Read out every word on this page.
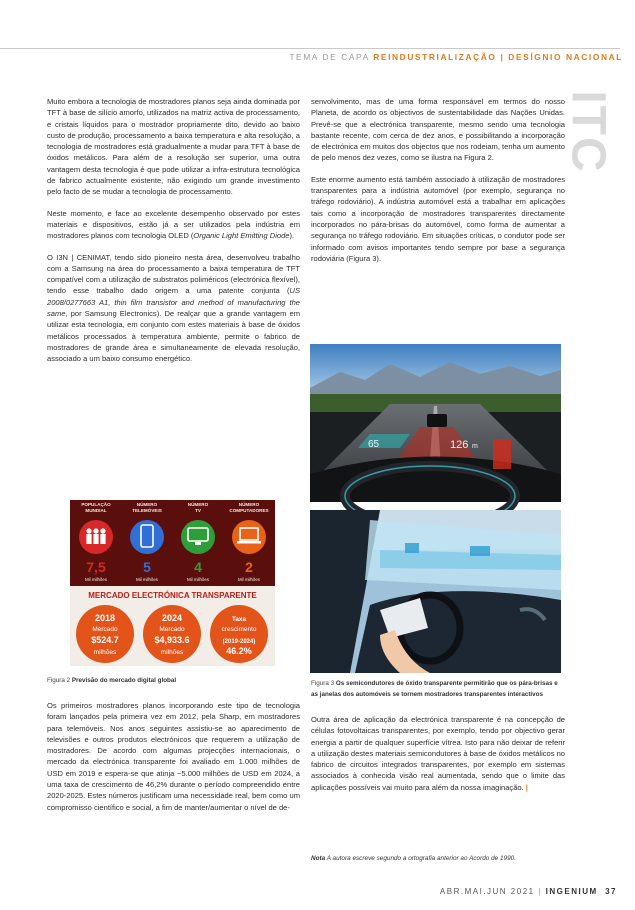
TEMA DE CAPA REINDUSTRIALIZAÇÃO | DESÍGNIO NACIONAL
ITC

Muito embora a tecnologia de mostradores planos seja ainda dominada por TFT à base de silício amorfo, utilizados na matriz activa de processamento, e cristais líquidos para o mostrador propriamente dito, devido ao baixo custo de produção, processamento a baixa temperatura e alta resolução, a tecnologia de mostradores está gradualmente a mudar para TFT à base de óxidos metálicos. Para além de a resolução ser superior, uma outra vantagem desta tecnologia é que pode utilizar a infra-estrutura tecnológica de fabrico actualmente existente, não exigindo um grande investimento pelo facto de se mudar a tecnologia de processamento.

Neste momento, e face ao excelente desempenho observado por estes materiais e dispositivos, estão já a ser utilizados pela indústria em mostradores planos com tecnologia OLED (Organic Light Emitting Diode).

O I3N | CENIMAT, tendo sido pioneiro nesta área, desenvolveu trabalho com a Samsung na área do processamento a baixa temperatura de TFT compatível com a utilização de substratos poliméricos (electrónica flexível), tendo esse trabalho dado origem a uma patente conjunta (US 2008/0277663 A1, thin film transistor and method of manufacturing the same, por Samsung Electronics). De realçar que a grande vantagem em utilizar esta tecnologia, em conjunto com estes materiais à base de óxidos metálicos processados à temperatura ambiente, permite o fabrico de mostradores de grande área e simultaneamente de elevada resolução, associado a um baixo consumo energético.

POPULAÇÃO
MUNDIAL
7,5
Mil milhões
NÚMERO
TELEMÓVEIS
5
Mil milhões
NÚMERO
TV
4
Mil milhões
NÚMERO
COMPUTADORES
2
Mil milhões
MERCADO ELECTRÓNICA TRANSPARENTE
2018
Mercado
$524.7
milhões
2024
Mercado
$4,933.6
milhões
Taxa
crescimento
(2019-2024)
46.2%
Figura 2 Previsão do mercado digital global

Os primeiros mostradores planos incorporando este tipo de tecnologia foram lançados pela primeira vez em 2012, pela Sharp, em mostradores para telemóveis. Nos anos seguintes assistiu-se ao aparecimento de televisões e outros produtos electrónicos que requerem a utilização de mostradores. De acordo com algumas projecções internacionais, o mercado da electrónica transparente foi avaliado em 1.000 milhões de USD em 2019 e espera-se que atinja ~5.000 milhões de USD em 2024, a uma taxa de crescimento de 46,2% durante o período compreendido entre 2020-2025. Estes números justificam uma necessidade real, bem como um compromisso científico e social, a fim de manter/aumentar o nível de de-

senvolvimento, mas de uma forma responsável em termos do nosso Planeta, de acordo os objectivos de sustentabilidade das Nações Unidas. Prevê-se que a electrónica transparente, mesmo sendo uma tecnologia bastante recente, com cerca de dez anos, e possibilitando a incorporação de electrónica em muitos dos objectos que nos rodeiam, tenha um aumento de pelo menos dez vezes, como se ilustra na Figura 2.

Este enorme aumento está também associado à utilização de mostradores transparentes para a indústria automóvel (por exemplo, segurança no tráfego rodoviário). A indústria automóvel está a trabalhar em aplicações tais como a incorporação de mostradores transparentes directamente incorporados no pára-brisas do automóvel, como forma de aumentar a segurança no tráfego rodoviário. Em situações críticas, o condutor pode ser informado com avisos importantes tendo sempre por base a segurança rodoviária (Figura 3).

65	126 m
Figura 3 Os semicondutores de óxido transparente permitirão que os pára-brisas e as janelas dos automóveis se tornem mostradores transparentes interactivos

Outra área de aplicação da electrónica transparente é na concepção de células fotovoltaicas transparentes, por exemplo, tendo por objectivo gerar energia a partir de qualquer superfície vítrea. Isto para não deixar de referir a utilização destes materiais semicondutores à base de óxidos metálicos no fabrico de circuitos integrados transparentes, por exemplo em sistemas associados à conhecida visão real aumentada, sendo que o limite das aplicações possíveis vai muito para além da nossa imaginação. |

Nota A autora escreve segundo a ortografia anterior ao Acordo de 1990.
ABR.MAI.JUN 2021 | INGENIUM 37
